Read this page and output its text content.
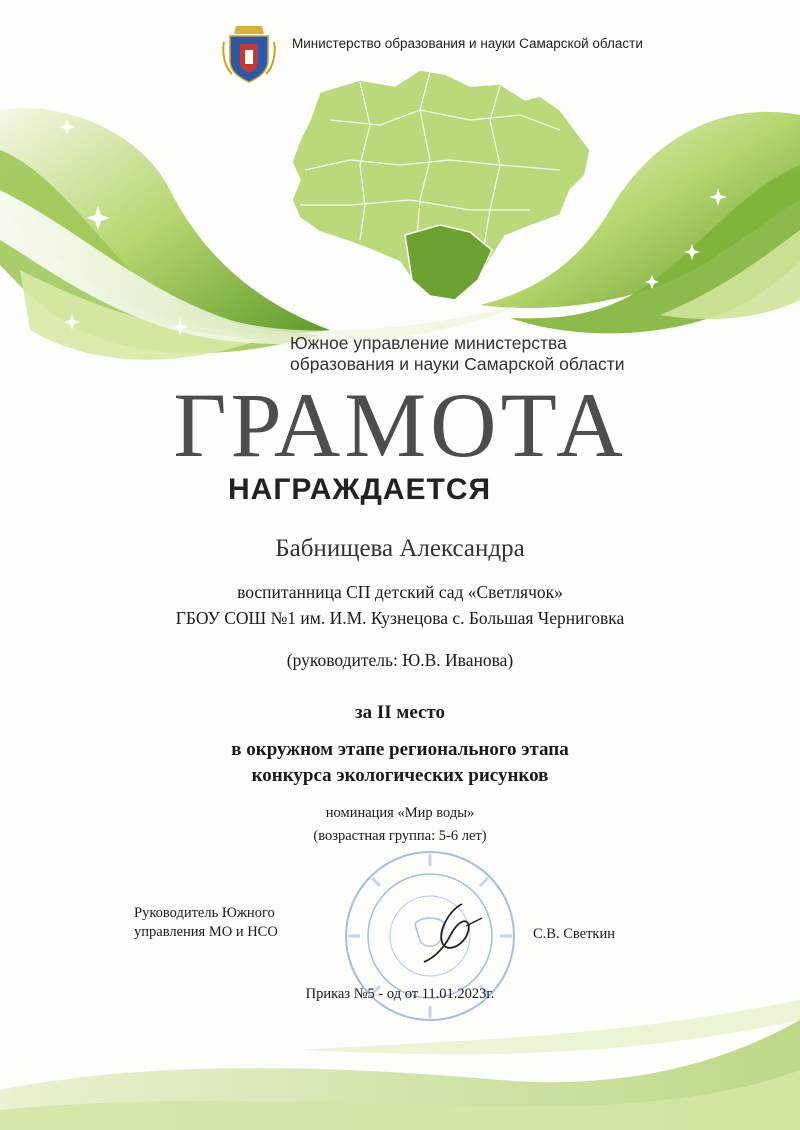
Министерство образования и науки Самарской области

Южное управление министерства
образования и науки Самарской области

ГРАМОТА

НАГРАЖДАЕТСЯ

Бабнищева Александра

воспитанница СП детский сад «Светлячок»

ГБОУ СОШ №1 им. И.М. Кузнецова с. Большая Черниговка

(руководитель: Ю.В. Иванова)

за II место

в окружном этапе регионального этапа

конкурса экологических рисунков

номинация «Мир воды»

(возрастная группа: 5-6 лет)

Руководитель Южного
управления МО и НСО	С.В. Светкин

Приказ №5 - од от 11.01.2023г.
